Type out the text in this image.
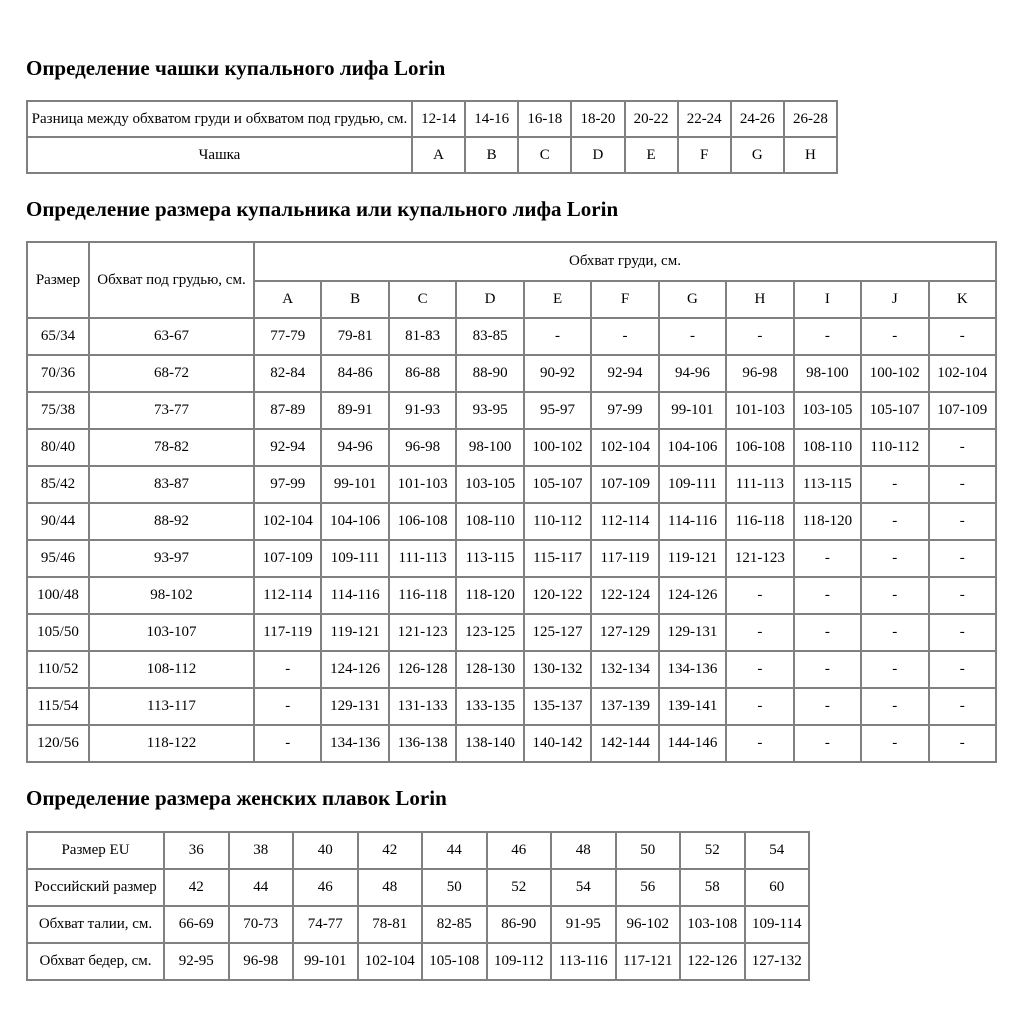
Определение чашки купального лифа Lorin
Разница между обхватом груди и обхватом под грудью, см.	12-14	14-16	16-18	18-20	20-22	22-24	24-26	26-28
Чашка	A	B	C	D	E	F	G	H
Определение размера купальника или купального лифа Lorin
Размер	Обхват под грудью, см.	Обхват груди, см.										
		A	B	C	D	E	F	G	H	I	J	K
65/34	63-67	77-79	79-81	81-83	83-85	-	-	-	-	-	-	-
70/36	68-72	82-84	84-86	86-88	88-90	90-92	92-94	94-96	96-98	98-100	100-102	102-104
75/38	73-77	87-89	89-91	91-93	93-95	95-97	97-99	99-101	101-103	103-105	105-107	107-109
80/40	78-82	92-94	94-96	96-98	98-100	100-102	102-104	104-106	106-108	108-110	110-112	-
85/42	83-87	97-99	99-101	101-103	103-105	105-107	107-109	109-111	111-113	113-115	-	-
90/44	88-92	102-104	104-106	106-108	108-110	110-112	112-114	114-116	116-118	118-120	-	-
95/46	93-97	107-109	109-111	111-113	113-115	115-117	117-119	119-121	121-123	-	-	-
100/48	98-102	112-114	114-116	116-118	118-120	120-122	122-124	124-126	-	-	-	-
105/50	103-107	117-119	119-121	121-123	123-125	125-127	127-129	129-131	-	-	-	-
110/52	108-112	-	124-126	126-128	128-130	130-132	132-134	134-136	-	-	-	-
115/54	113-117	-	129-131	131-133	133-135	135-137	137-139	139-141	-	-	-	-
120/56	118-122	-	134-136	136-138	138-140	140-142	142-144	144-146	-	-	-	-
Определение размера женских плавок Lorin
Размер EU	36	38	40	42	44	46	48	50	52	54
Российский размер	42	44	46	48	50	52	54	56	58	60
Обхват талии, см.	66-69	70-73	74-77	78-81	82-85	86-90	91-95	96-102	103-108	109-114
Обхват бедер, см.	92-95	96-98	99-101	102-104	105-108	109-112	113-116	117-121	122-126	127-132
